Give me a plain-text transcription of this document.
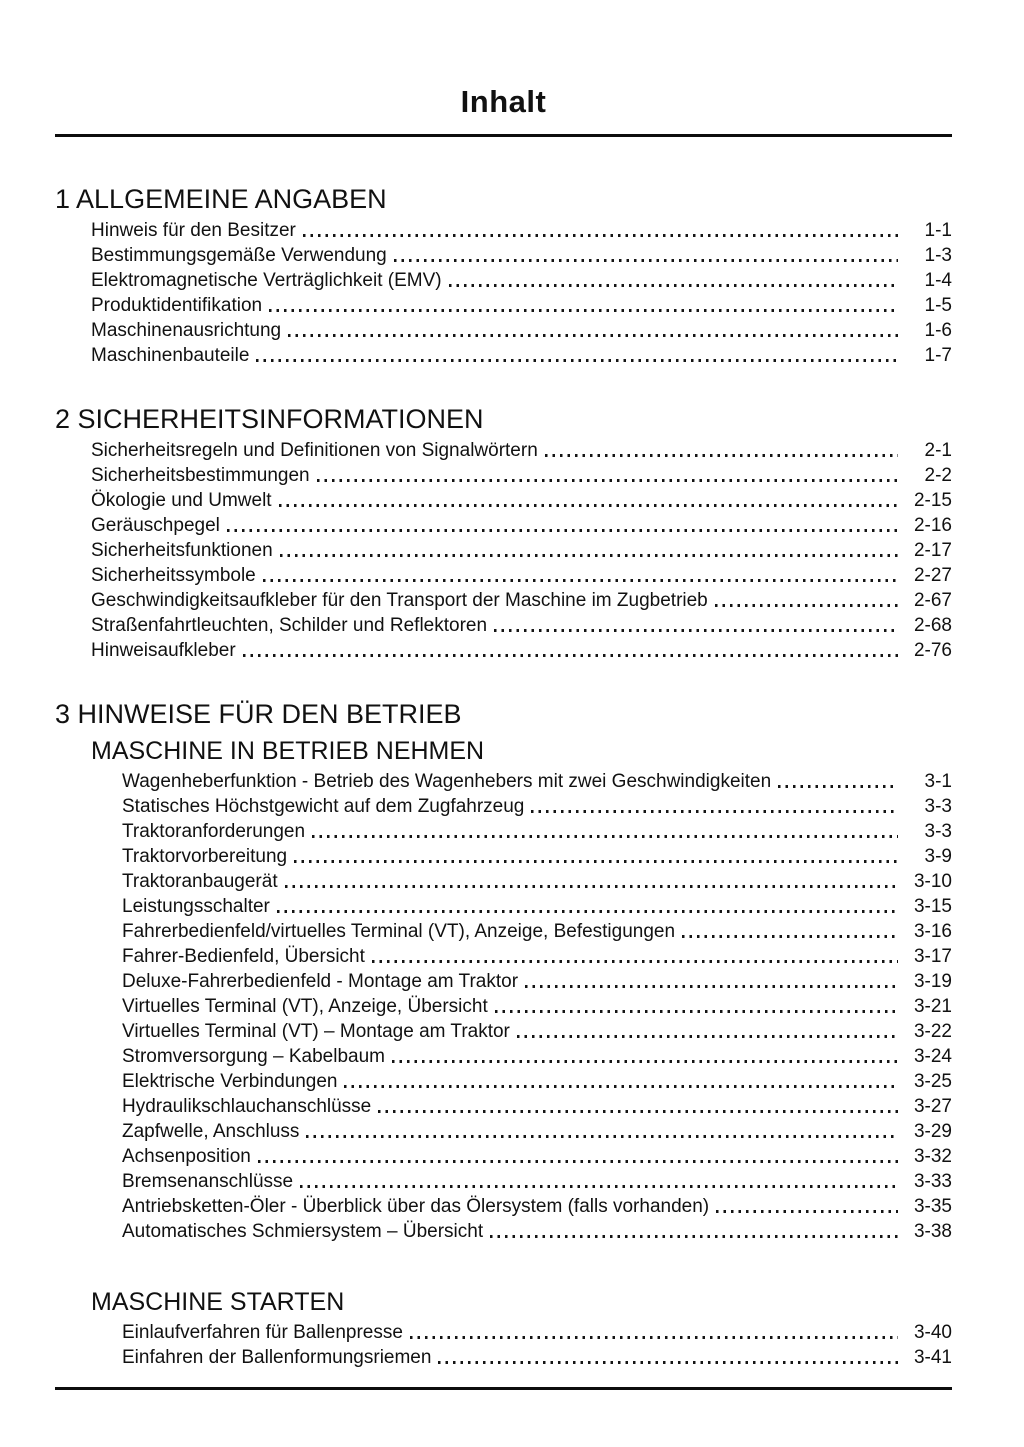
Inhalt
1 ALLGEMEINE ANGABEN
Hinweis für den Besitzer	1-1
Bestimmungsgemäße Verwendung	1-3
Elektromagnetische Verträglichkeit (EMV)	1-4
Produktidentifikation	1-5
Maschinenausrichtung	1-6
Maschinenbauteile	1-7
2 SICHERHEITSINFORMATIONEN
Sicherheitsregeln und Definitionen von Signalwörtern	2-1
Sicherheitsbestimmungen	2-2
Ökologie und Umwelt	2-15
Geräuschpegel	2-16
Sicherheitsfunktionen	2-17
Sicherheitssymbole	2-27
Geschwindigkeitsaufkleber für den Transport der Maschine im Zugbetrieb	2-67
Straßenfahrtleuchten, Schilder und Reflektoren	2-68
Hinweisaufkleber	2-76
3 HINWEISE FÜR DEN BETRIEB
MASCHINE IN BETRIEB NEHMEN
Wagenheberfunktion - Betrieb des Wagenhebers mit zwei Geschwindigkeiten	3-1
Statisches Höchstgewicht auf dem Zugfahrzeug	3-3
Traktoranforderungen	3-3
Traktorvorbereitung	3-9
Traktoranbaugerät	3-10
Leistungsschalter	3-15
Fahrerbedienfeld/virtuelles Terminal (VT), Anzeige, Befestigungen	3-16
Fahrer-Bedienfeld, Übersicht	3-17
Deluxe-Fahrerbedienfeld - Montage am Traktor	3-19
Virtuelles Terminal (VT), Anzeige, Übersicht	3-21
Virtuelles Terminal (VT) – Montage am Traktor	3-22
Stromversorgung – Kabelbaum	3-24
Elektrische Verbindungen	3-25
Hydraulikschlauchanschlüsse	3-27
Zapfwelle, Anschluss	3-29
Achsenposition	3-32
Bremsenanschlüsse	3-33
Antriebsketten-Öler - Überblick über das Ölersystem (falls vorhanden)	3-35
Automatisches Schmiersystem – Übersicht	3-38
MASCHINE STARTEN
Einlaufverfahren für Ballenpresse	3-40
Einfahren der Ballenformungsriemen	3-41
